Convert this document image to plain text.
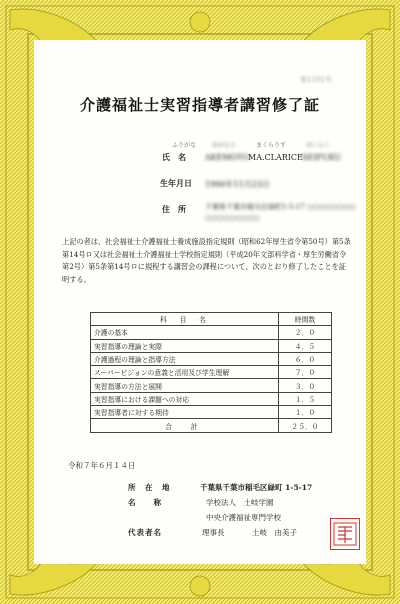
第1101号
介護福祉士実習指導者講習修了証
ふりがな	あかもと	まくらりす	せいふく
氏　名 AKEMOTO
MA.CLARICE SEIFUKU
生年月日 1990年11月23日
住　所	千葉県千葉市稲毛区緑町1-5-17 ○○○○○○○○
○○○○○○○○○
上記の者は、社会福祉士介護福祉士養成施設指定規則（昭和62年厚生省令第50号）第5条第14号ロ又は社会福祉士介護福祉士学校指定規則（平成20年文部科学省・厚生労働省令第2号）第5条第14号ロに規程する講習会の課程について、次のとおり修了したことを証明する。
科　目　名	時間数
介護の基本	２．０
実習指導の理論と実際	４．５
介護過程の理論と指導方法	６．０
スーパービジョンの意義と活用及び学生理解	７．０
実習指導の方法と展開	３．０
実習指導における課題への対応	１．５
実習指導者に対する期待	１．０
合　計	２５．０
令和７年６月１４日
所　在　地	千葉県千葉市稲毛区緑町 1-5-17
名　　称	学校法人　土岐学園
中央介護福祉専門学校
代表者名	理事長	土岐　由美子
